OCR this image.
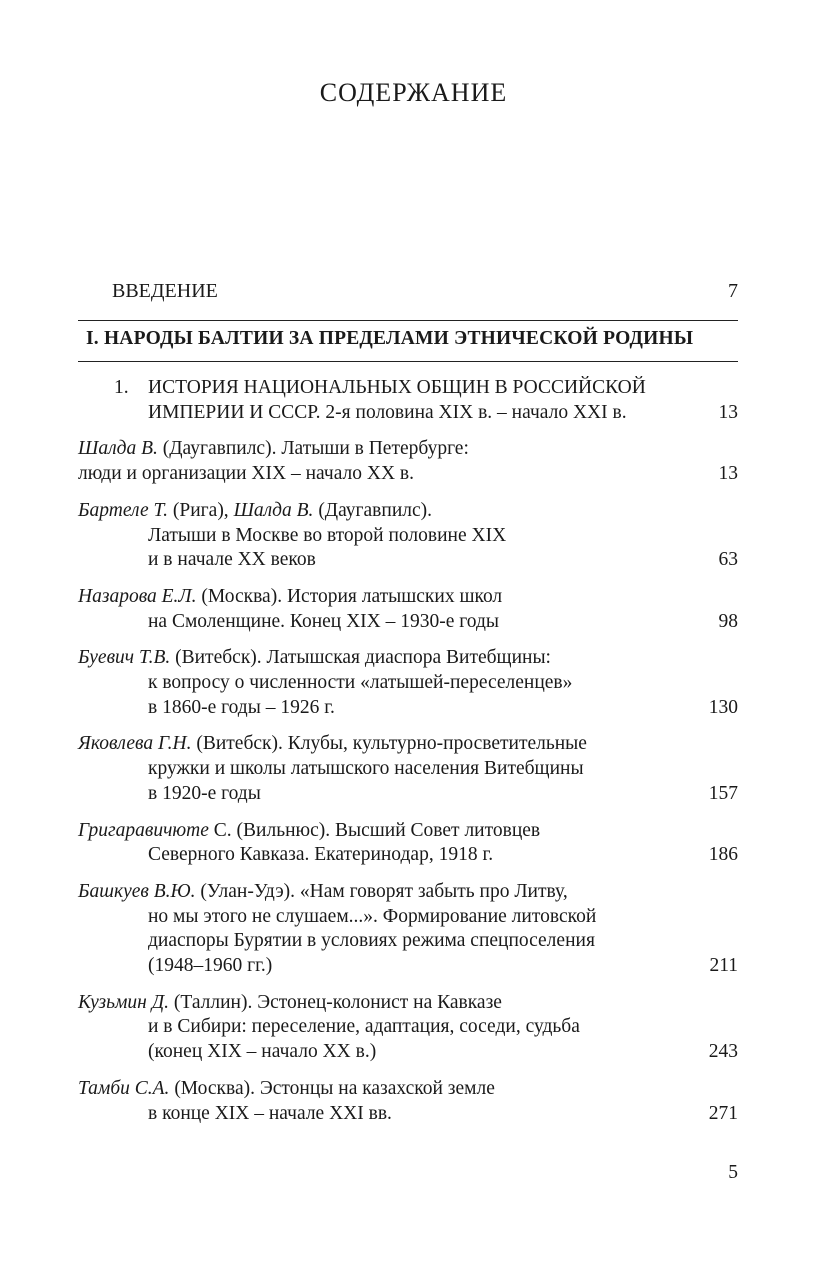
СОДЕРЖАНИЕ
ВВЕДЕНИЕ	7
I. НАРОДЫ БАЛТИИ ЗА ПРЕДЕЛАМИ ЭТНИЧЕСКОЙ РОДИНЫ
1. ИСТОРИЯ НАЦИОНАЛЬНЫХ ОБЩИН В РОССИЙСКОЙ
ИМПЕРИИ И СССР. 2-я половина XIX в. – начало XXI в.	13
Шалда В. (Даугавпилс). Латыши в Петербурге:
люди и организации XIX – начало XX в.	13
Бартеле Т. (Рига), Шалда В. (Даугавпилс).
Латыши в Москве во второй половине XIX
и в начале XX веков	63
Назарова Е.Л. (Москва). История латышских школ
на Смоленщине. Конец XIX – 1930-е годы	98
Буевич Т.В. (Витебск). Латышская диаспора Витебщины:
к вопросу о численности «латышей-переселенцев»
в 1860-е годы – 1926 г.	130
Яковлева Г.Н. (Витебск). Клубы, культурно-просветительные
кружки и школы латышского населения Витебщины
в 1920-е годы	157
Григаравичюте С. (Вильнюс). Высший Совет литовцев
Северного Кавказа. Екатеринодар, 1918 г.	186
Башкуев В.Ю. (Улан-Удэ). «Нам говорят забыть про Литву,
но мы этого не слушаем...». Формирование литовской
диаспоры Бурятии в условиях режима спецпоселения
(1948–1960 гг.)	211
Кузьмин Д. (Таллин). Эстонец-колонист на Кавказе
и в Сибири: переселение, адаптация, соседи, судьба
(конец XIX – начало XX в.)	243
Тамби С.А. (Москва). Эстонцы на казахской земле
в конце XIX – начале XXI вв.	271
5
